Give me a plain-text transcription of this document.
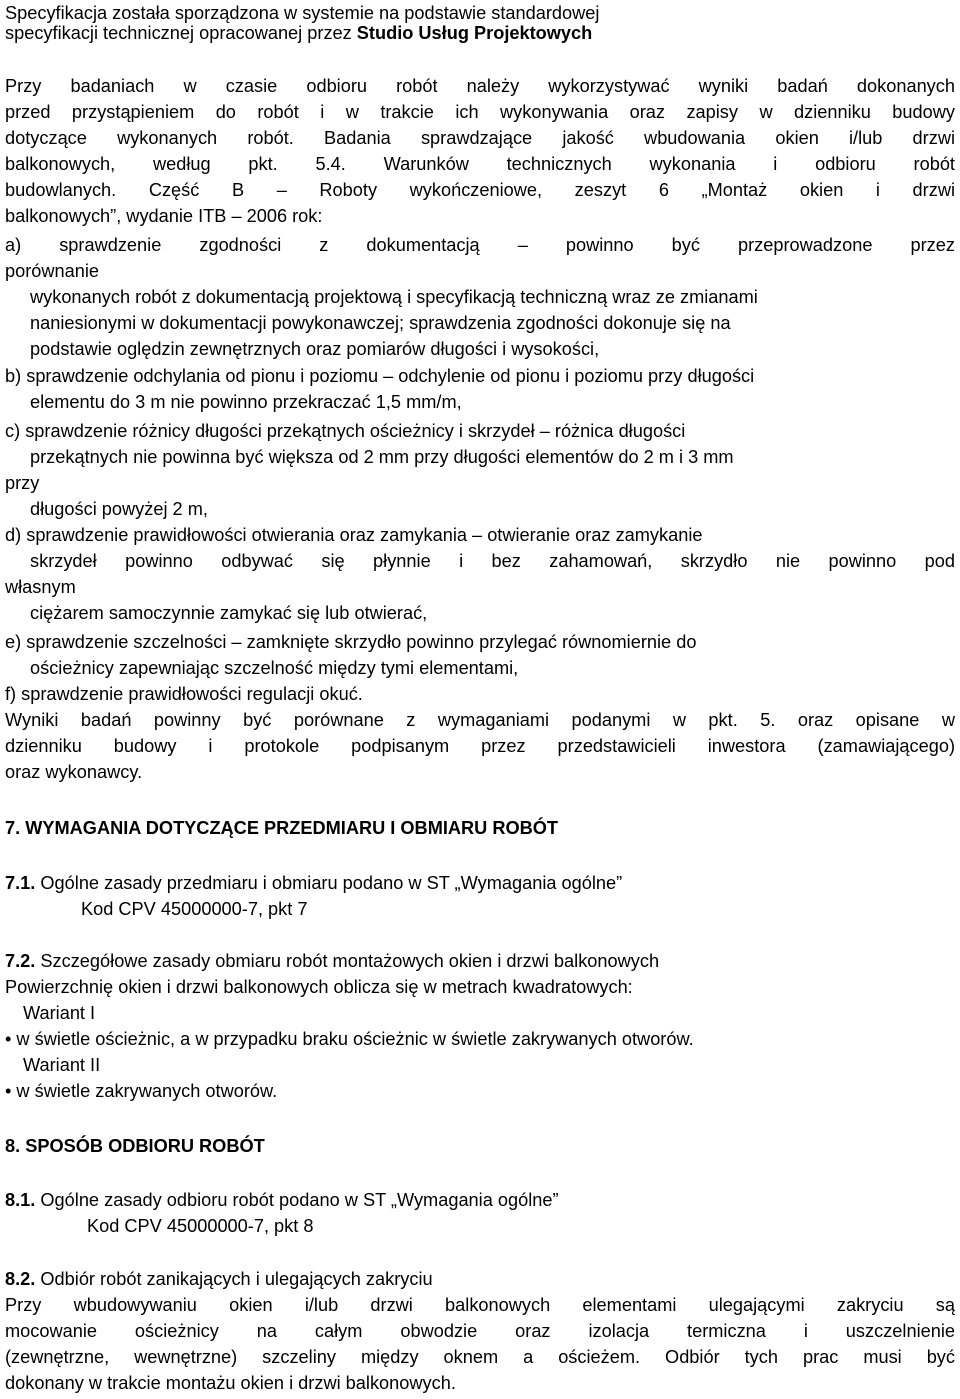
Specyfikacja została sporządzona w systemie na podstawie standardowej
specyfikacji technicznej opracowanej przez Studio Usług Projektowych
Przy badaniach w czasie odbioru robót należy wykorzystywać wyniki badań dokonanych
przed przystąpieniem do robót i w trakcie ich wykonywania oraz zapisy w dzienniku budowy
dotyczące wykonanych robót. Badania sprawdzające jakość wbudowania okien i/lub drzwi
balkonowych, według pkt. 5.4. Warunków technicznych wykonania i odbioru robót
budowlanych. Część B – Roboty wykończeniowe, zeszyt 6 „Montaż okien i drzwi
balkonowych”, wydanie ITB – 2006 rok:
a) sprawdzenie zgodności z dokumentacją – powinno być przeprowadzone przez
porównanie
wykonanych robót z dokumentacją projektową i specyfikacją techniczną wraz ze zmianami
naniesionymi w dokumentacji powykonawczej; sprawdzenia zgodności dokonuje się na
podstawie oględzin zewnętrznych oraz pomiarów długości i wysokości,
b) sprawdzenie odchylania od pionu i poziomu – odchylenie od pionu i poziomu przy długości
elementu do 3 m nie powinno przekraczać 1,5 mm/m,
c) sprawdzenie różnicy długości przekątnych ościeżnicy i skrzydeł – różnica długości
przekątnych nie powinna być większa od 2 mm przy długości elementów do 2 m i 3 mm
przy
długości powyżej 2 m,
d) sprawdzenie prawidłowości otwierania oraz zamykania – otwieranie oraz zamykanie
skrzydeł powinno odbywać się płynnie i bez zahamowań, skrzydło nie powinno pod
własnym
ciężarem samoczynnie zamykać się lub otwierać,
e) sprawdzenie szczelności – zamknięte skrzydło powinno przylegać równomiernie do
ościeżnicy zapewniając szczelność między tymi elementami,
f) sprawdzenie prawidłowości regulacji okuć.
Wyniki badań powinny być porównane z wymaganiami podanymi w pkt. 5. oraz opisane w
dzienniku budowy i protokole podpisanym przez przedstawicieli inwestora (zamawiającego)
oraz wykonawcy.
7. WYMAGANIA DOTYCZĄCE PRZEDMIARU I OBMIARU ROBÓT
7.1. Ogólne zasady przedmiaru i obmiaru podano w ST „Wymagania ogólne”
Kod CPV 45000000-7, pkt 7
7.2. Szczegółowe zasady obmiaru robót montażowych okien i drzwi balkonowych
Powierzchnię okien i drzwi balkonowych oblicza się w metrach kwadratowych:
Wariant I
• w świetle ościeżnic, a w przypadku braku ościeżnic w świetle zakrywanych otworów.
Wariant II
• w świetle zakrywanych otworów.
8. SPOSÓB ODBIORU ROBÓT
8.1. Ogólne zasady odbioru robót podano w ST „Wymagania ogólne”
Kod CPV 45000000-7, pkt 8
8.2. Odbiór robót zanikających i ulegających zakryciu
Przy wbudowywaniu okien i/lub drzwi balkonowych elementami ulegającymi zakryciu są
mocowanie ościeżnicy na całym obwodzie oraz izolacja termiczna i uszczelnienie
(zewnętrzne, wewnętrzne) szczeliny między oknem a ościeżem. Odbiór tych prac musi być
dokonany w trakcie montażu okien i drzwi balkonowych.
